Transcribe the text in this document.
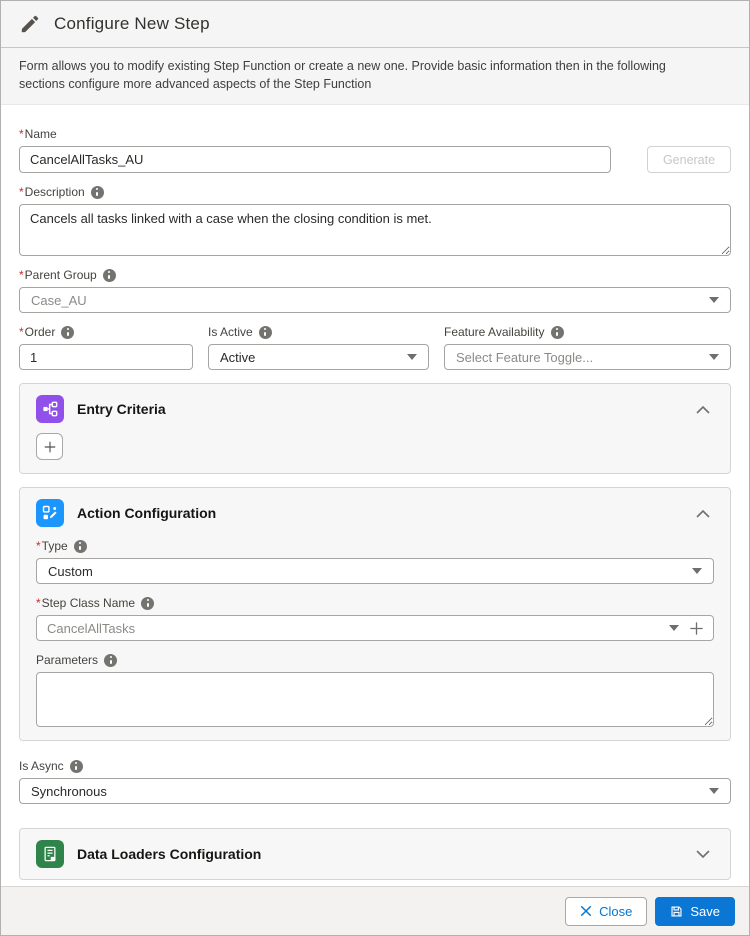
Configure New Step

Form allows you to modify existing Step Function or create a new one. Provide basic information then in the following sections configure more advanced aspects of the Step Function

* Name
CancelAllTasks_AU
Generate
* Description
Cancels all tasks linked with a case when the closing condition is met.
* Parent Group
Case_AU
* Order
1	Is Active
Active
Feature Availability
Select Feature Toggle...
Entry Criteria
Action Configuration
* Type
Custom
* Step Class Name
CancelAllTasks
Parameters
Is Async
Synchronous
Data Loaders Configuration
Close	Save
